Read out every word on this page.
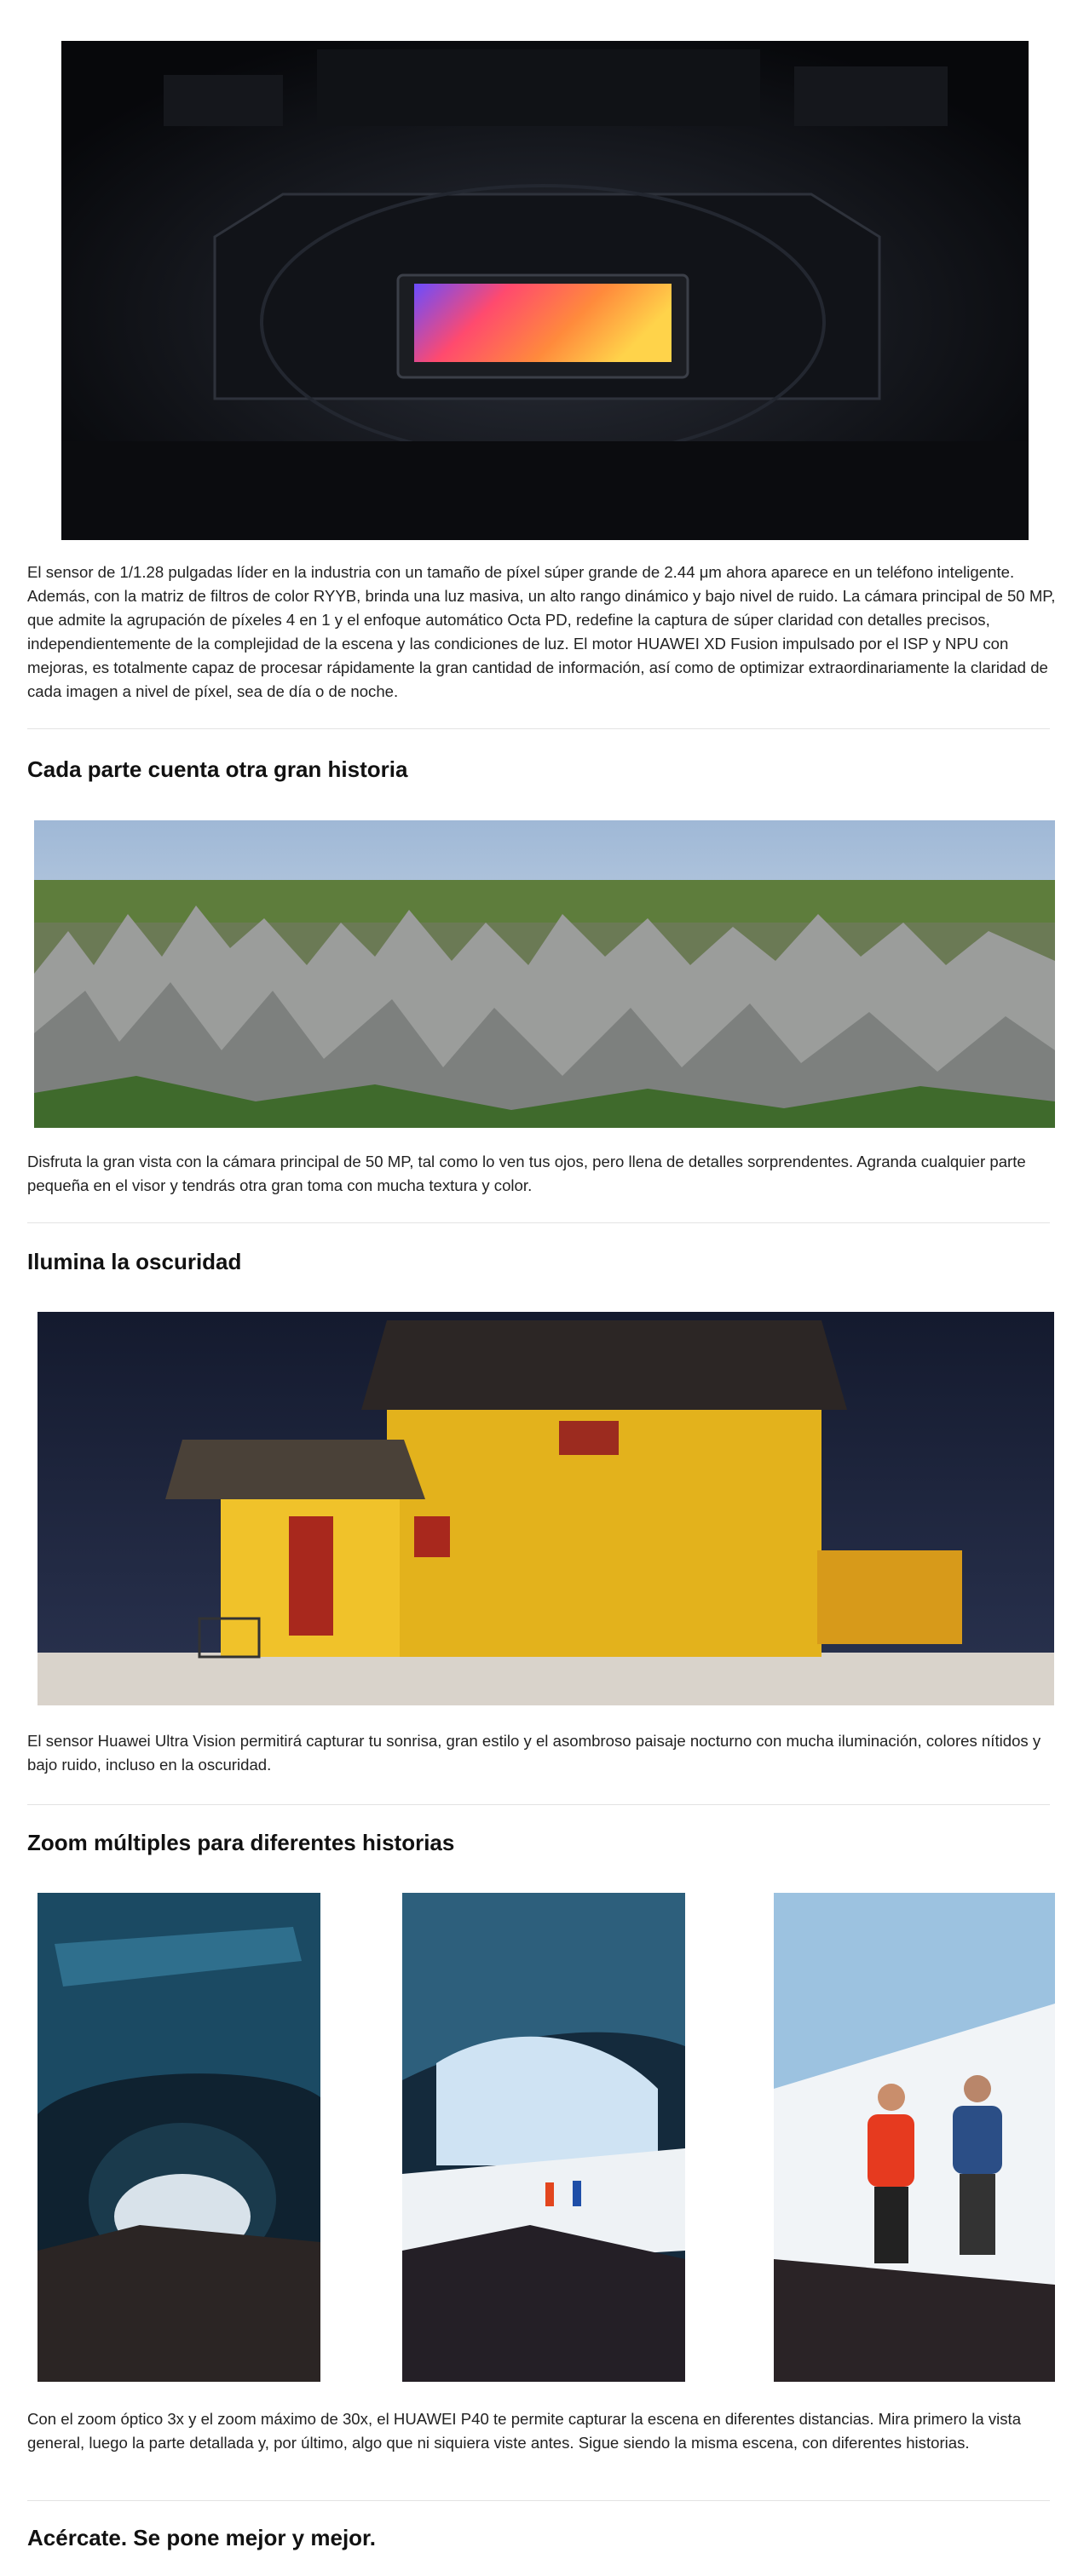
El sensor de 1/1.28 pulgadas líder en la industria con un tamaño de píxel súper grande de 2.44 μm ahora aparece en un teléfono inteligente. Además, con la matriz de filtros de color RYYB, brinda una luz masiva, un alto rango dinámico y bajo nivel de ruido. La cámara principal de 50 MP, que admite la agrupación de píxeles 4 en 1 y el enfoque automático Octa PD, redefine la captura de súper claridad con detalles precisos, independientemente de la complejidad de la escena y las condiciones de luz. El motor HUAWEI XD Fusion impulsado por el ISP y NPU con mejoras, es totalmente capaz de procesar rápidamente la gran cantidad de información, así como de optimizar extraordinariamente la claridad de cada imagen a nivel de píxel, sea de día o de noche.

Cada parte cuenta otra gran historia

Disfruta la gran vista con la cámara principal de 50 MP, tal como lo ven tus ojos, pero llena de detalles sorprendentes. Agranda cualquier parte pequeña en el visor y tendrás otra gran toma con mucha textura y color.

Ilumina la oscuridad

El sensor Huawei Ultra Vision permitirá capturar tu sonrisa, gran estilo y el asombroso paisaje nocturno con mucha iluminación, colores nítidos y bajo ruido, incluso en la oscuridad.

Zoom múltiples para diferentes historias

Con el zoom óptico 3x y el zoom máximo de 30x, el HUAWEI P40 te permite capturar la escena en diferentes distancias. Mira primero la vista general, luego la parte detallada y, por último, algo que ni siquiera viste antes. Sigue siendo la misma escena, con diferentes historias.

Acércate. Se pone mejor y mejor.
